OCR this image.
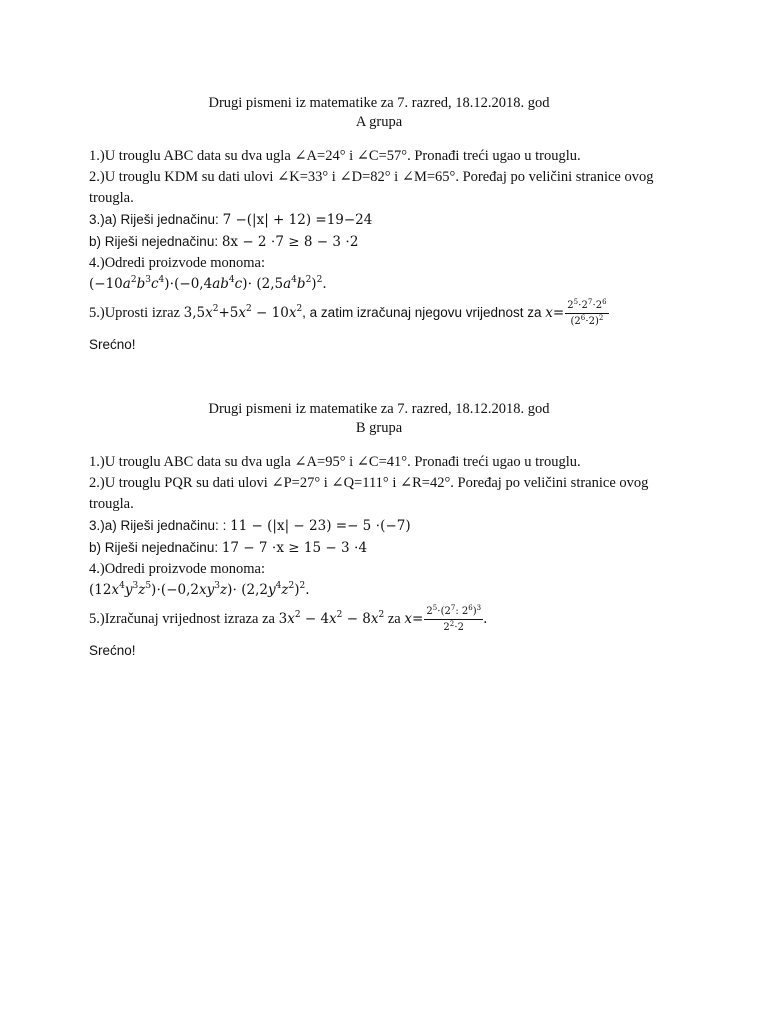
Drugi pismeni iz matematike za 7. razred, 18.12.2018. god
A grupa
1.)U trouglu ABC data su dva ugla ∠A=24° i ∠C=57°. Pronađi treći ugao u trouglu.
2.)U trouglu KDM su dati ulovi ∠K=33° i ∠D=82° i ∠M=65°. Poređaj po veličini stranice ovog
trougla.
3.)a) Riješi jednačinu: 7 −(|x| + 12) =19−24
b) Riješi nejednačinu: 8x − 2 ⋅7 ≥ 8 − 3 ⋅2
4.)Odredi proizvode monoma:
$(-10a^2b^3c^4)\cdot(-0,4ab^4c)\cdot (2,5a^4b^2)^2$.
5.)Uprosti izraz $3,5x^2+5x^2 - 10x^2$, a zatim izračunaj njegovu vrijednost za $x= \frac{2^5\cdot 2^7\cdot 2^6}{(2^6\cdot 2)^2}$
Srećno!
Drugi pismeni iz matematike za 7. razred, 18.12.2018. god
B grupa
1.)U trouglu ABC data su dva ugla ∠A=95° i ∠C=41°. Pronađi treći ugao u trouglu.
2.)U trouglu PQR su dati ulovi ∠P=27° i ∠Q=111° i ∠R=42°. Poređaj po veličini stranice ovog
trougla.
3.)a) Riješi jednačinu: : 11 − (|x| − 23) =− 5 ⋅(−7)
b) Riješi nejednačinu: 17 − 7 ⋅x ≥ 15 − 3 ⋅4
4.)Odredi proizvode monoma:
$(12x^4y^3z^5)\cdot(-0,2xy^3z)\cdot (2,2y^4z^2)^2$.
5.)Izračunaj vrijednost izraza za $3x^2 - 4x^2 - 8x^2$ za $x= \frac{2^5\cdot(2^7: 2^6)^3}{2^2\cdot 2}$ .
Srećno!
